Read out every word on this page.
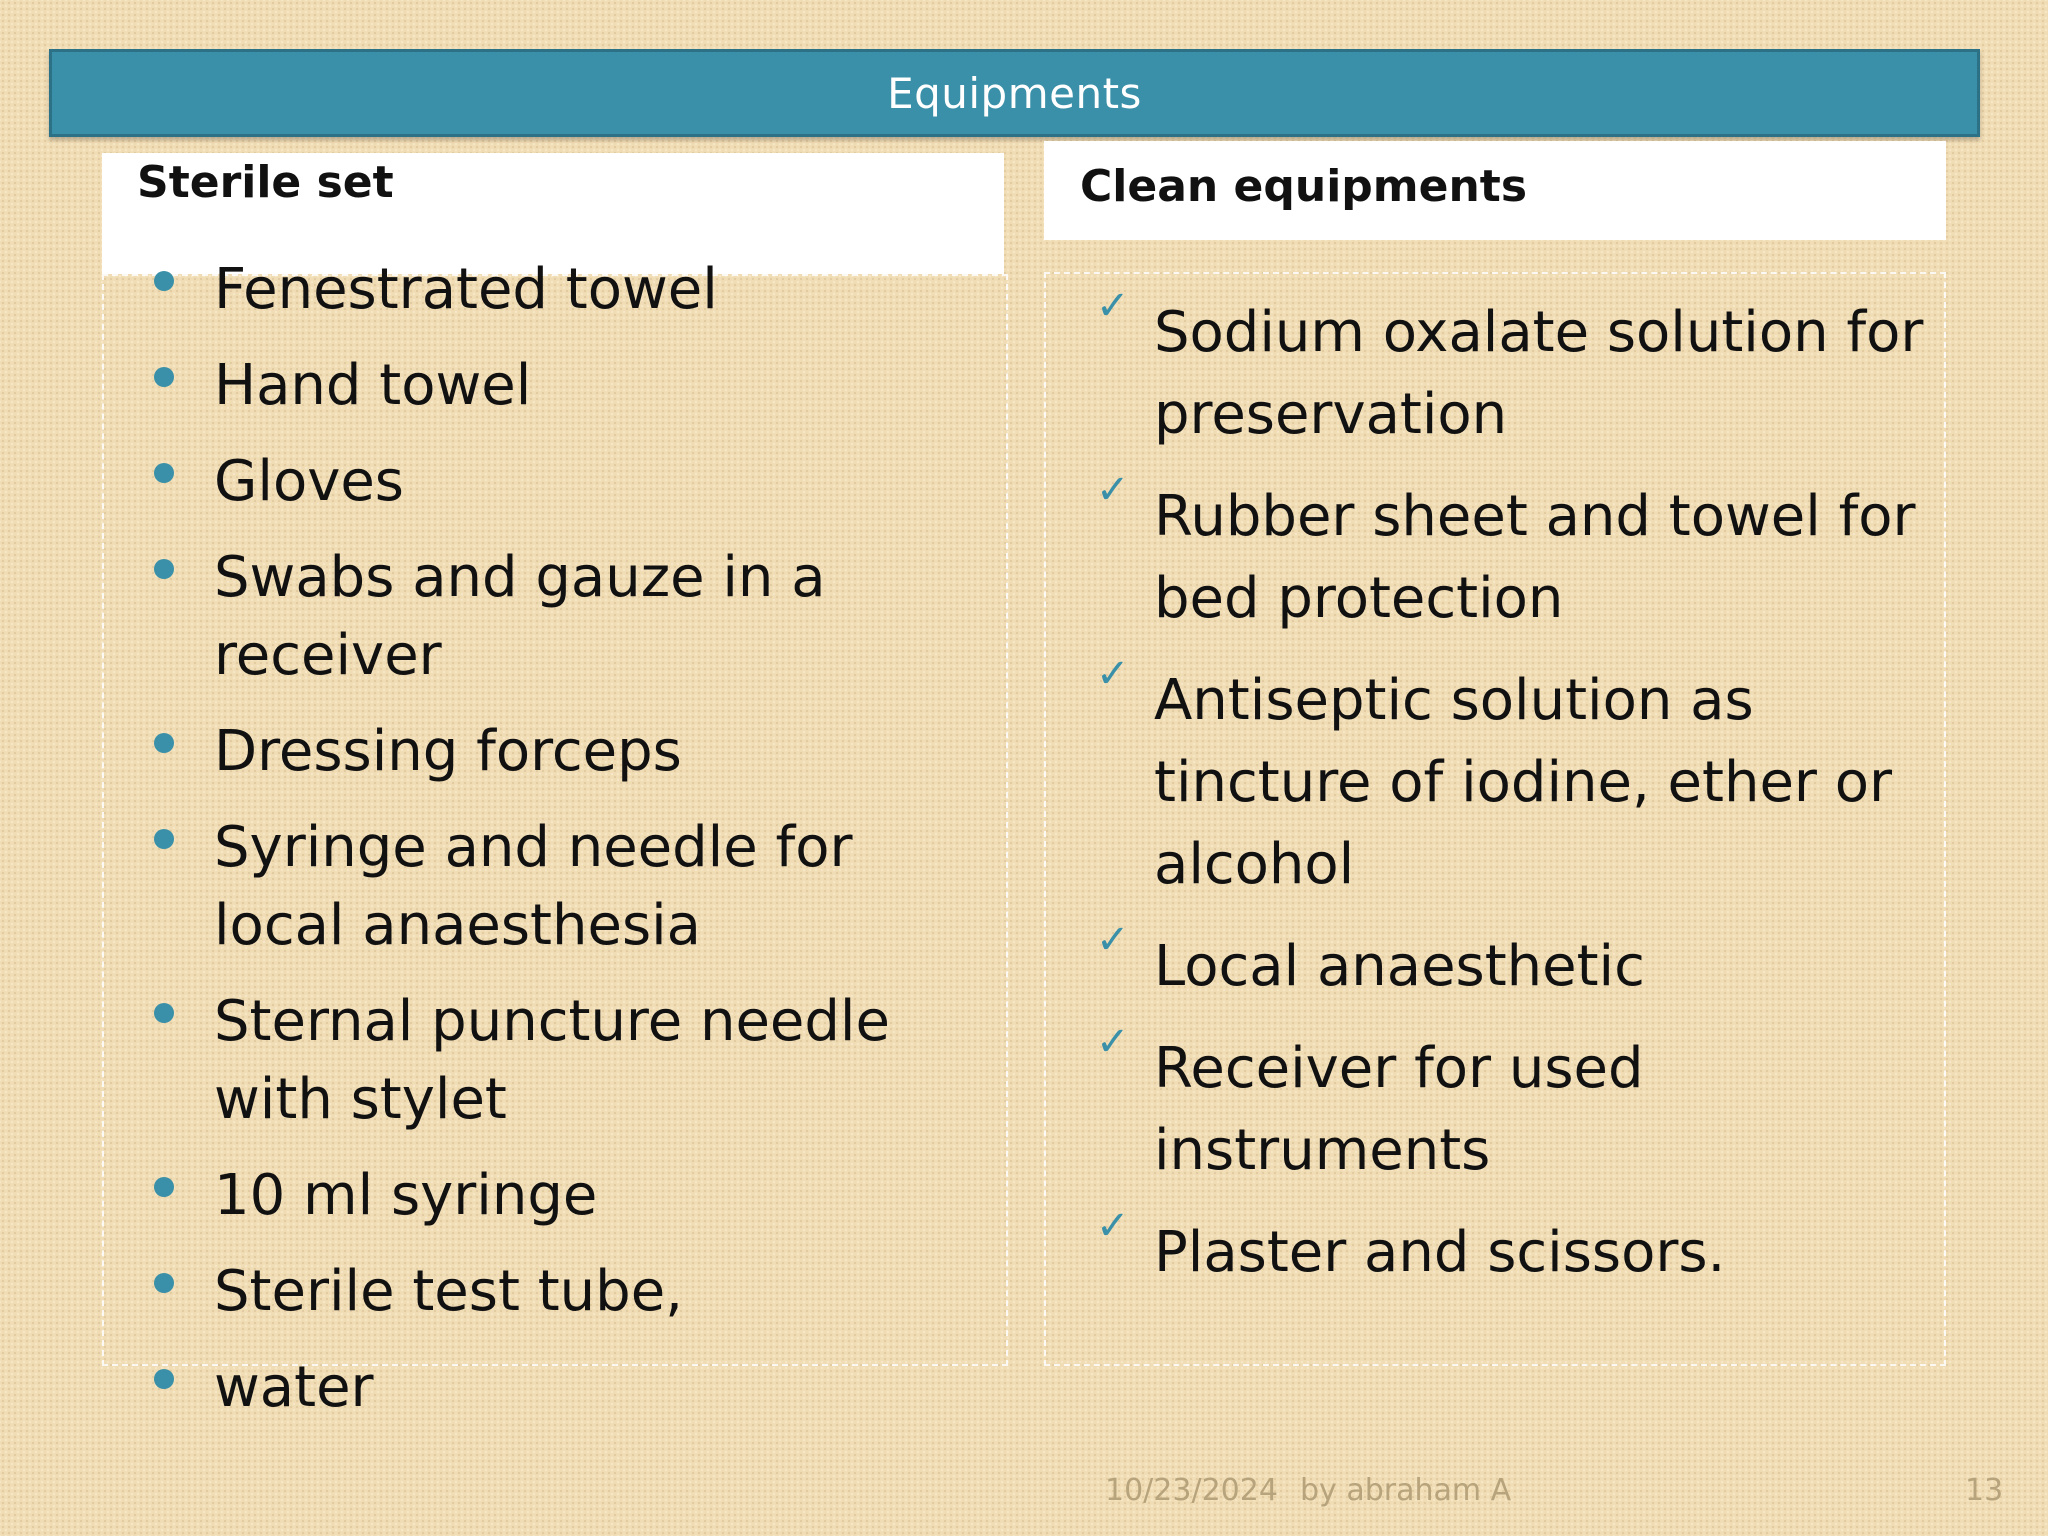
Equipments
Sterile set	Clean equipments
Fenestrated towel
Hand towel
Gloves
Swabs and gauze in a receiver
Dressing forceps
Syringe and needle for local anaesthesia
Sternal puncture needle with stylet
10 ml syringe
Sterile test tube,
water
✓ Sodium oxalate solution for preservation
✓ Rubber sheet and towel for bed protection
✓ Antiseptic solution as tincture of iodine, ether or alcohol
✓ Local anaesthetic
✓ Receiver for used instruments
✓ Plaster and scissors.
10/23/2024 by abraham A	13
